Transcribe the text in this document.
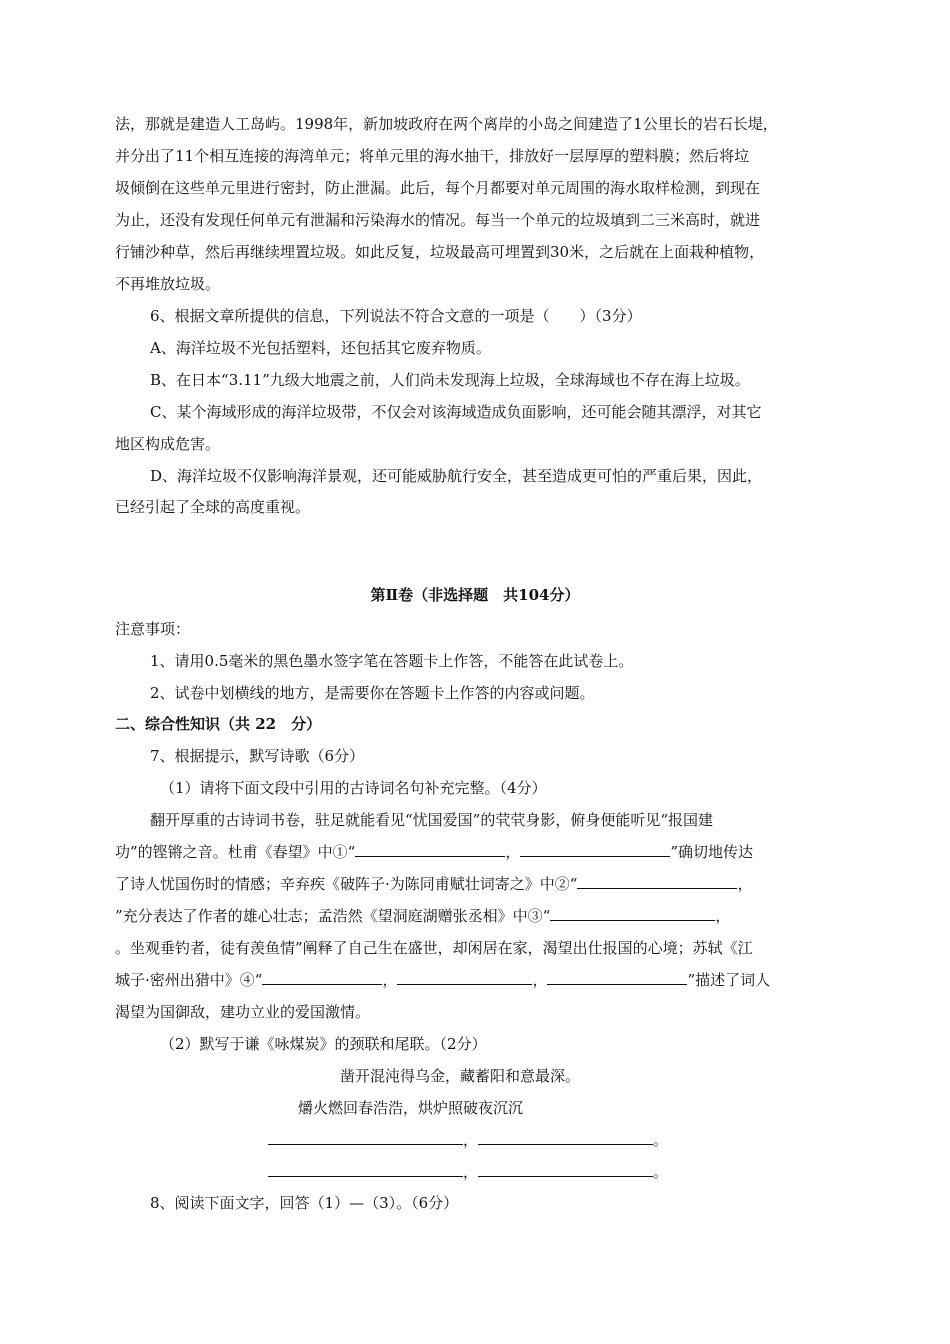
法，那就是建造人工岛屿。1998年，新加坡政府在两个离岸的小岛之间建造了1公里长的岩石长堤，
并分出了11个相互连接的海湾单元；将单元里的海水抽干，排放好一层厚厚的塑料膜；然后将垃
圾倾倒在这些单元里进行密封，防止泄漏。此后，每个月都要对单元周围的海水取样检测，到现在
为止，还没有发现任何单元有泄漏和污染海水的情况。每当一个单元的垃圾填到二三米高时，就进
行铺沙种草，然后再继续埋置垃圾。如此反复，垃圾最高可埋置到30米，之后就在上面栽种植物，
不再堆放垃圾。
6、根据文章所提供的信息，下列说法不符合文意的一项是（　　）（3分）
A、海洋垃圾不光包括塑料，还包括其它废弃物质。
B、在日本“3.11”九级大地震之前，人们尚未发现海上垃圾，全球海域也不存在海上垃圾。
C、某个海域形成的海洋垃圾带，不仅会对该海域造成负面影响，还可能会随其漂浮，对其它
地区构成危害。
D、海洋垃圾不仅影响海洋景观，还可能威胁航行安全，甚至造成更可怕的严重后果，因此，
已经引起了全球的高度重视。
第Ⅱ卷（非选择题　共104分）
注意事项：
1、请用0.5毫米的黑色墨水签字笔在答题卡上作答，不能答在此试卷上。
2、试卷中划横线的地方，是需要你在答题卡上作答的内容或问题。
二、综合性知识（共 22　分）
7、根据提示，默写诗歌（6分）
（1）请将下面文段中引用的古诗词名句补充完整。（4分）
翻开厚重的古诗词书卷，驻足就能看见“忧国爱国”的茕茕身影，俯身便能听见“报国建
功”的铿锵之音。杜甫《春望》中①“	，	”确切地传达
了诗人忧国伤时的情感；辛弃疾《破阵子·为陈同甫赋壮词寄之》中②“	，
”充分表达了作者的雄心壮志；孟浩然《望洞庭湖赠张丞相》中③“	，
。坐观垂钓者，徒有羡鱼情”阐释了自己生在盛世，却闲居在家，渴望出仕报国的心境；苏轼《江
城子·密州出猎中》④“	，	，	”描述了词人
渴望为国御敌，建功立业的爱国激情。
（2）默写于谦《咏煤炭》的颈联和尾联。（2分）
凿开混沌得乌金，藏蓄阳和意最深。
爝火燃回春浩浩，烘炉照破夜沉沉
，	。
，	。
8、阅读下面文字，回答（1）—（3）。（6分）
